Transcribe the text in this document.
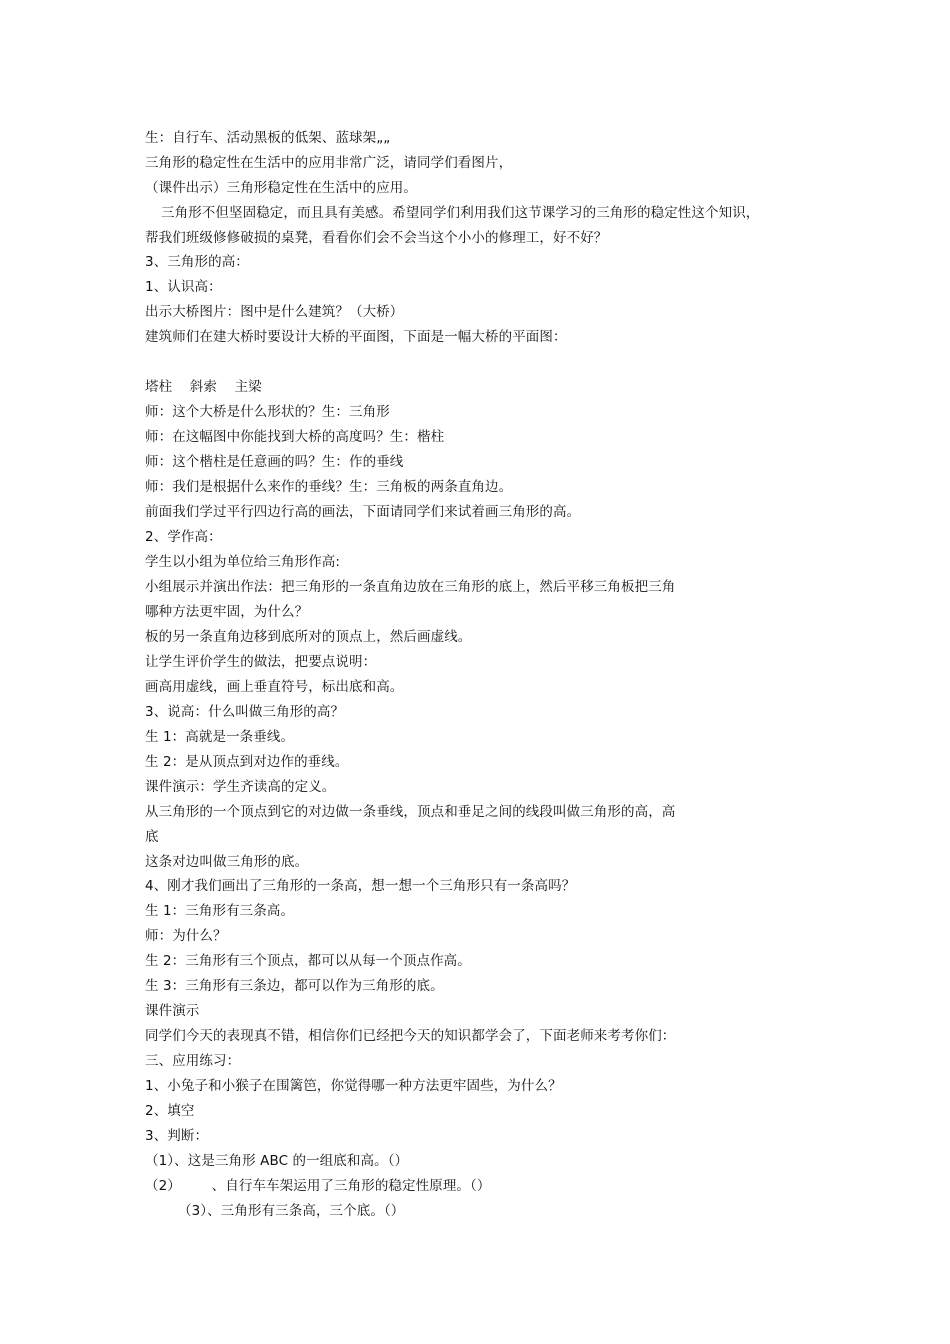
生：自行车、活动黑板的低架、蓝球架„„
三角形的稳定性在生活中的应用非常广泛，请同学们看图片，
（课件出示）三角形稳定性在生活中的应用。
三角形不但坚固稳定，而且具有美感。希望同学们利用我们这节课学习的三角形的稳定性这个知识，
帮我们班级修修破损的桌凳，看看你们会不会当这个小小的修理工，好不好？
3、三角形的高：
1、认识高：
出示大桥图片：图中是什么建筑？（大桥）
建筑师们在建大桥时要设计大桥的平面图，下面是一幅大桥的平面图：
塔柱    斜索    主梁
师：这个大桥是什么形状的？生：三角形
师：在这幅图中你能找到大桥的高度吗？生：楷柱
师：这个楷柱是任意画的吗？生：作的垂线
师：我们是根据什么来作的垂线？生：三角板的两条直角边。
前面我们学过平行四边行高的画法，下面请同学们来试着画三角形的高。
2、学作高：
学生以小组为单位给三角形作高:
小组展示并演出作法：把三角形的一条直角边放在三角形的底上，然后平移三角板把三角
哪种方法更牢固，为什么？
板的另一条直角边移到底所对的顶点上，然后画虚线。
让学生评价学生的做法，把要点说明：
画高用虚线，画上垂直符号，标出底和高。
3、说高：什么叫做三角形的高？
生 1：高就是一条垂线。
生 2：是从顶点到对边作的垂线。
课件演示：学生齐读高的定义。
从三角形的一个顶点到它的对边做一条垂线，顶点和垂足之间的线段叫做三角形的高，高
底
这条对边叫做三角形的底。
4、刚才我们画出了三角形的一条高，想一想一个三角形只有一条高吗？
生 1：三角形有三条高。
师：为什么？
生 2：三角形有三个顶点，都可以从每一个顶点作高。
生 3：三角形有三条边，都可以作为三角形的底。
课件演示
同学们今天的表现真不错，相信你们已经把今天的知识都学会了，下面老师来考考你们：
三、应用练习：
1、小兔子和小猴子在围篱笆，你觉得哪一种方法更牢固些，为什么？
2、填空
3、判断：
（1）、这是三角形 ABC 的一组底和高。（）
（2）       、自行车车架运用了三角形的稳定性原理。（）
（3）、三角形有三条高，三个底。（）
